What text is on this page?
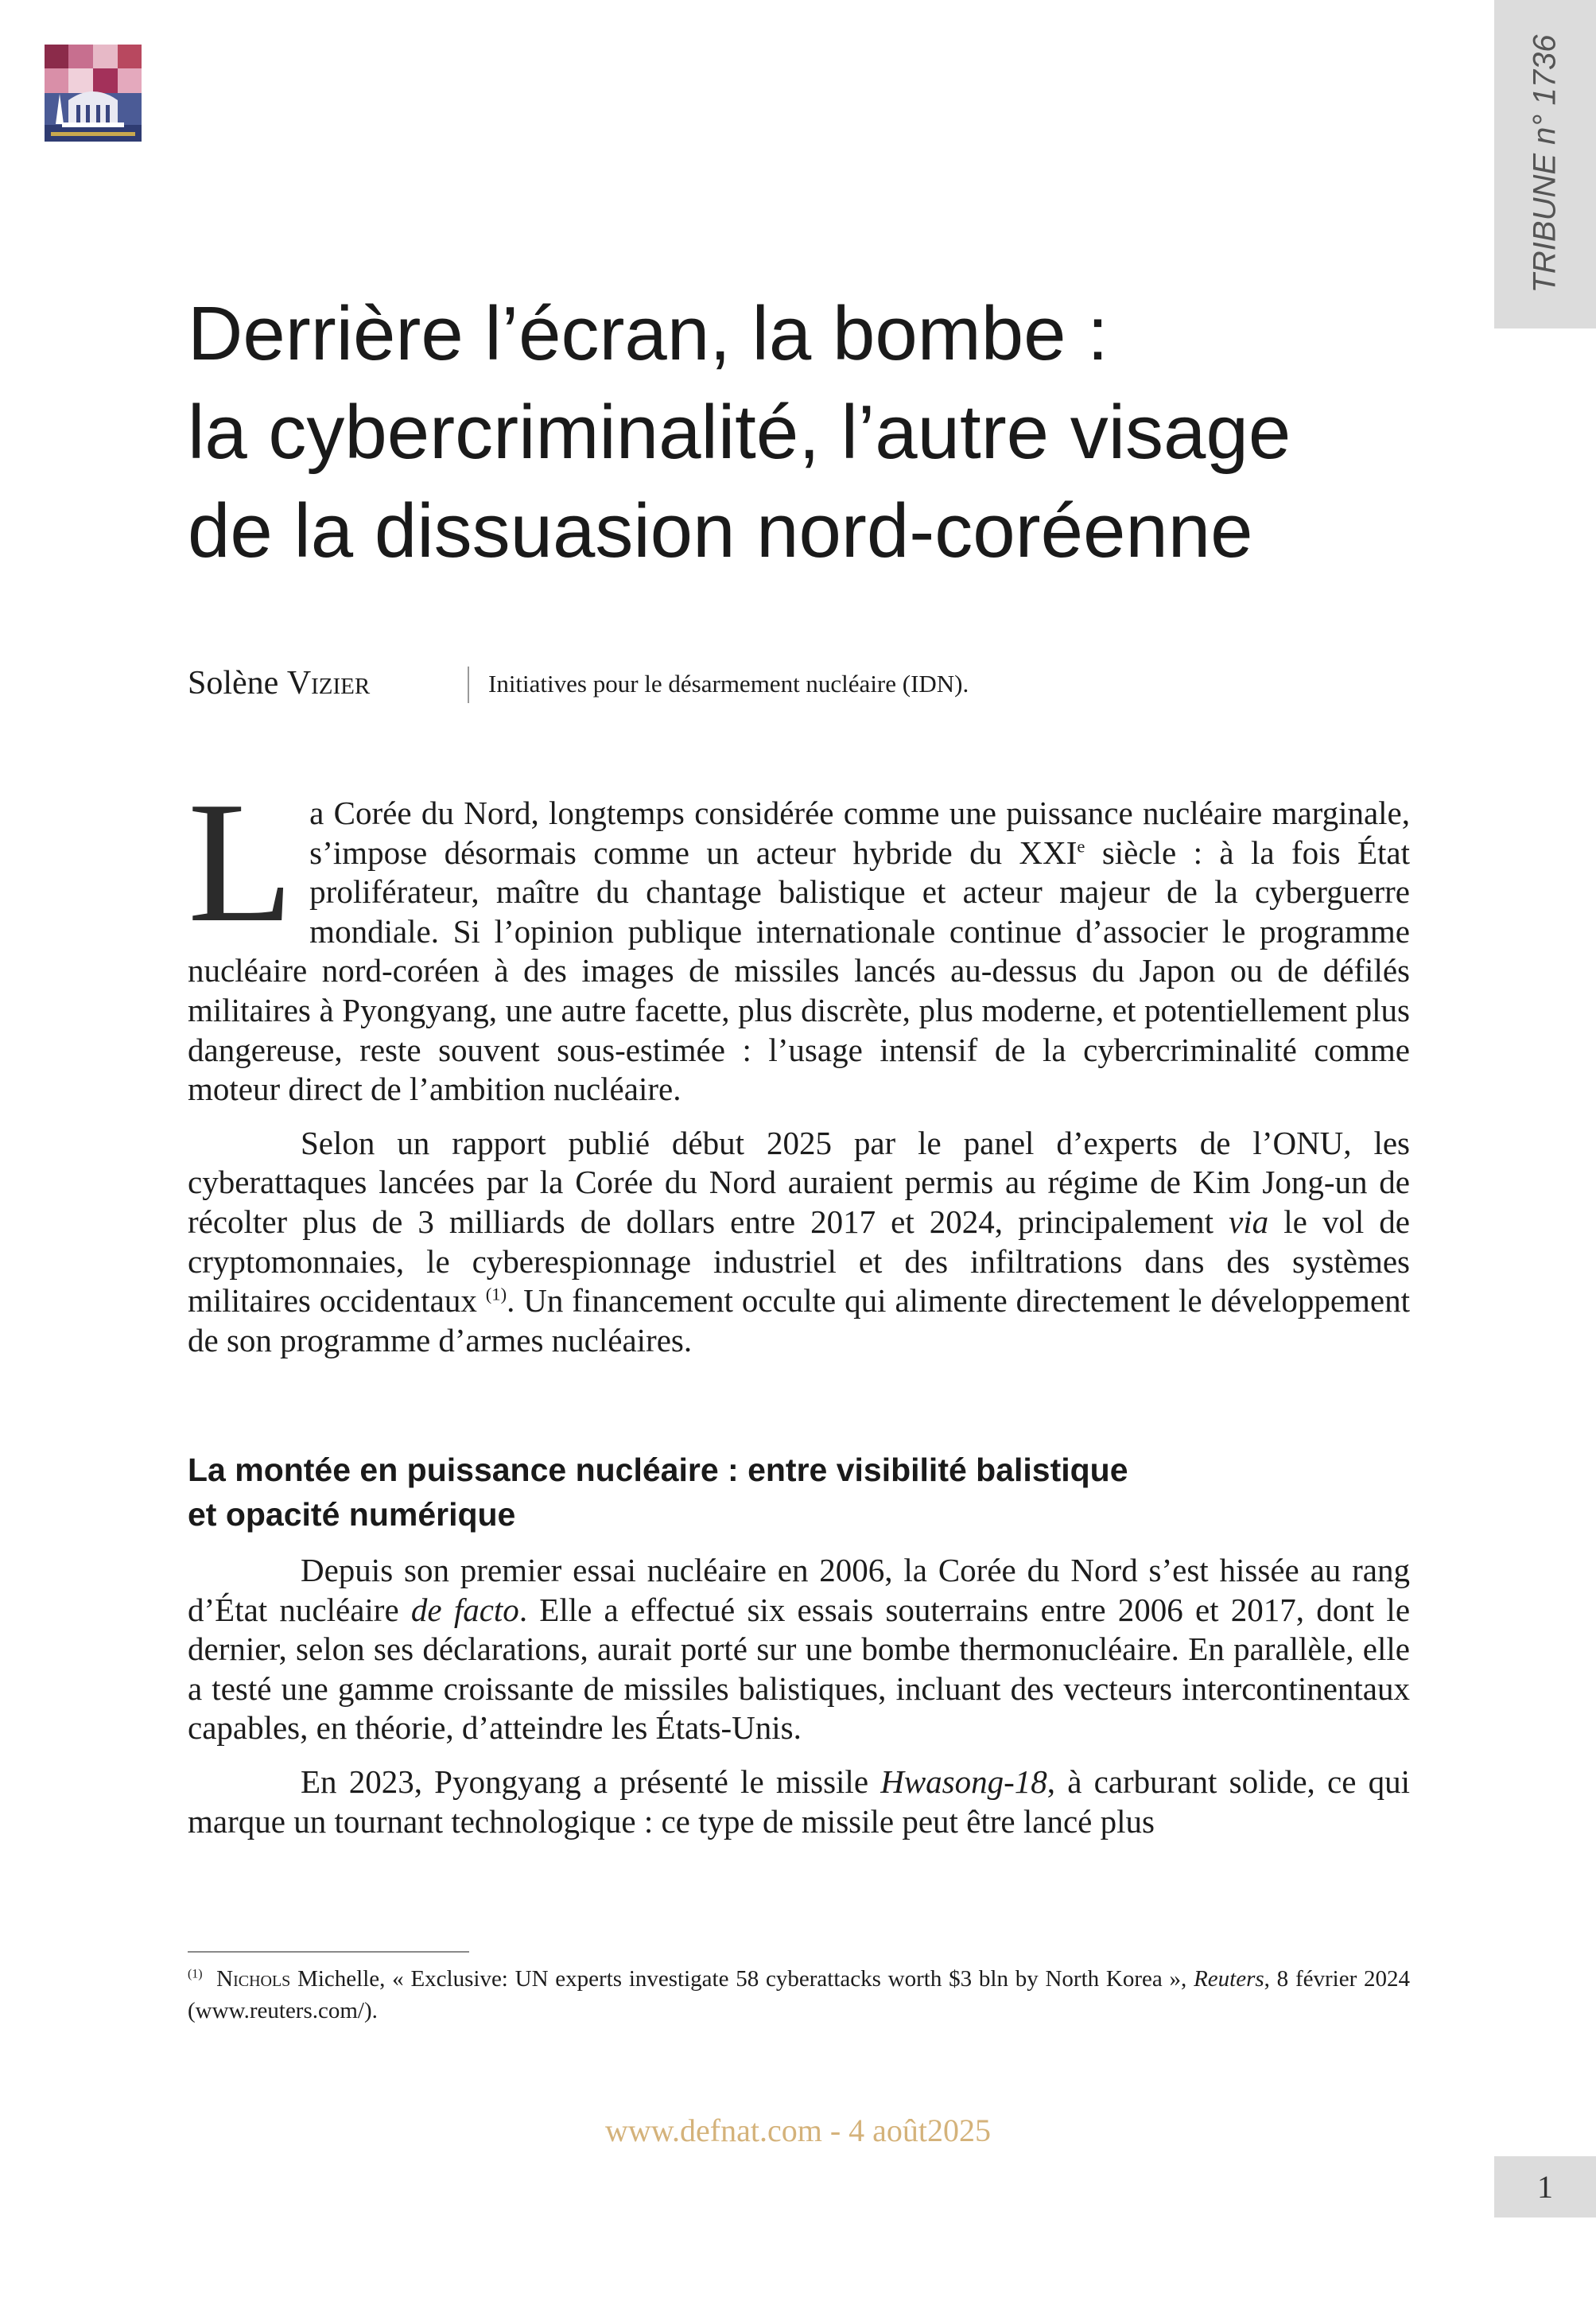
TRIBUNE n° 1736
Derrière l’écran, la bombe :
la cybercriminalité, l’autre visage
de la dissuasion nord-coréenne
Solène Vizier	Initiatives pour le désarmement nucléaire (IDN).

La Corée du Nord, longtemps considérée comme une puissance nucléaire marginale, s’impose désormais comme un acteur hybride du XXIe siècle : à la fois État proliférateur, maître du chantage balistique et acteur majeur de la cyberguerre mondiale. Si l’opinion publique internationale continue d’associer le programme nucléaire nord-coréen à des images de missiles lancés au-dessus du Japon ou de défilés militaires à Pyongyang, une autre facette, plus discrète, plus moderne, et potentiellement plus dangereuse, reste souvent sous-estimée : l’usage intensif de la cybercriminalité comme moteur direct de l’ambition nucléaire.

Selon un rapport publié début 2025 par le panel d’experts de l’ONU, les cyberattaques lancées par la Corée du Nord auraient permis au régime de Kim Jong-un de récolter plus de 3 milliards de dollars entre 2017 et 2024, principalement via le vol de cryptomonnaies, le cyberespionnage industriel et des infiltrations dans des systèmes militaires occidentaux $^{(1)}$. Un financement occulte qui alimente directement le développement de son programme d’armes nucléaires.

La montée en puissance nucléaire : entre visibilité balistique
et opacité numérique

Depuis son premier essai nucléaire en 2006, la Corée du Nord s’est hissée au rang d’État nucléaire de facto. Elle a effectué six essais souterrains entre 2006 et 2017, dont le dernier, selon ses déclarations, aurait porté sur une bombe thermonucléaire. En parallèle, elle a testé une gamme croissante de missiles balistiques, incluant des vecteurs intercontinentaux capables, en théorie, d’atteindre les États-Unis.

En 2023, Pyongyang a présenté le missile Hwasong-18, à carburant solide, ce qui marque un tournant technologique : ce type de missile peut être lancé plus

$^{(1)}$ Nichols Michelle, « Exclusive: UN experts investigate 58 cyberattacks worth $3 bln by North Korea », Reuters, 8 février 2024 (www.reuters.com/).
www.defnat.com - 4 août2025
1
